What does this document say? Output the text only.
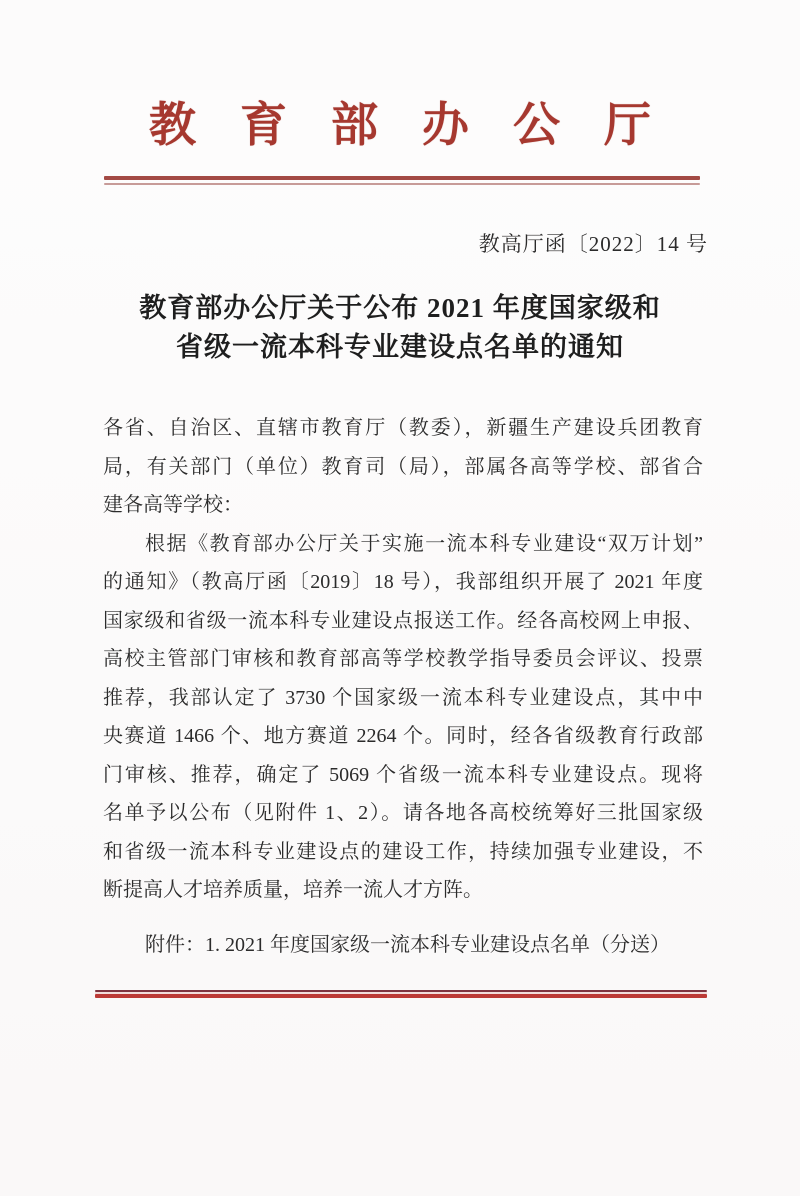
教育部办公厅
教高厅函〔2022〕14 号
教育部办公厅关于公布 2021 年度国家级和
省级一流本科专业建设点名单的通知
各省、自治区、直辖市教育厅（教委），新疆生产建设兵团教育
局，有关部门（单位）教育司（局），部属各高等学校、部省合
建各高等学校：
根据《教育部办公厅关于实施一流本科专业建设“双万计划”
的通知》（教高厅函〔2019〕18 号），我部组织开展了 2021 年度
国家级和省级一流本科专业建设点报送工作。经各高校网上申报、
高校主管部门审核和教育部高等学校教学指导委员会评议、投票
推荐，我部认定了 3730 个国家级一流本科专业建设点，其中中
央赛道 1466 个、地方赛道 2264 个。同时，经各省级教育行政部
门审核、推荐，确定了 5069 个省级一流本科专业建设点。现将
名单予以公布（见附件 1、2）。请各地各高校统筹好三批国家级
和省级一流本科专业建设点的建设工作，持续加强专业建设，不
断提高人才培养质量，培养一流人才方阵。
附件：1. 2021 年度国家级一流本科专业建设点名单（分送）
